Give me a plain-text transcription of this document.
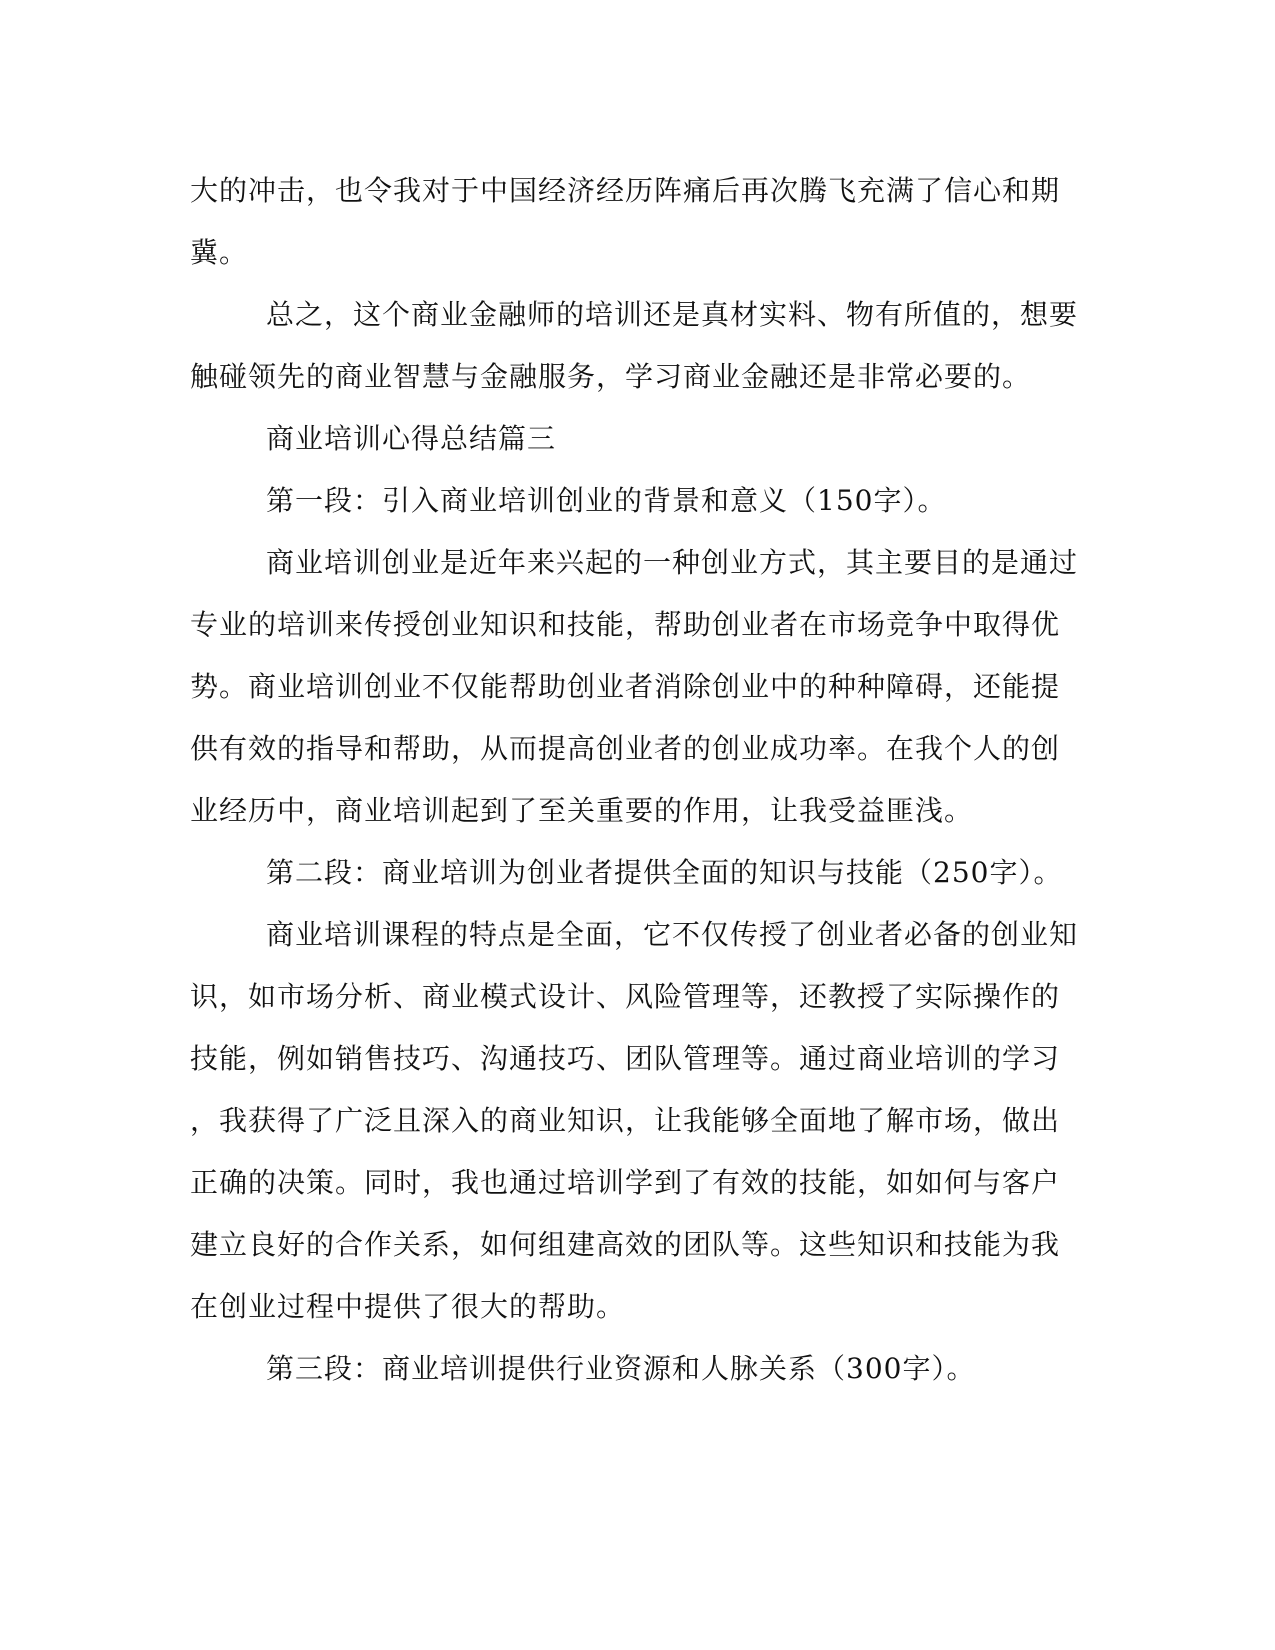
大的冲击，也令我对于中国经济经历阵痛后再次腾飞充满了信心和期
冀。
总之，这个商业金融师的培训还是真材实料、物有所值的，想要
触碰领先的商业智慧与金融服务，学习商业金融还是非常必要的。
商业培训心得总结篇三
第一段：引入商业培训创业的背景和意义（150字）。
商业培训创业是近年来兴起的一种创业方式，其主要目的是通过
专业的培训来传授创业知识和技能，帮助创业者在市场竞争中取得优
势。商业培训创业不仅能帮助创业者消除创业中的种种障碍，还能提
供有效的指导和帮助，从而提高创业者的创业成功率。在我个人的创
业经历中，商业培训起到了至关重要的作用，让我受益匪浅。
第二段：商业培训为创业者提供全面的知识与技能（250字）。
商业培训课程的特点是全面，它不仅传授了创业者必备的创业知
识，如市场分析、商业模式设计、风险管理等，还教授了实际操作的
技能，例如销售技巧、沟通技巧、团队管理等。通过商业培训的学习
，我获得了广泛且深入的商业知识，让我能够全面地了解市场，做出
正确的决策。同时，我也通过培训学到了有效的技能，如如何与客户
建立良好的合作关系，如何组建高效的团队等。这些知识和技能为我
在创业过程中提供了很大的帮助。
第三段：商业培训提供行业资源和人脉关系（300字）。
